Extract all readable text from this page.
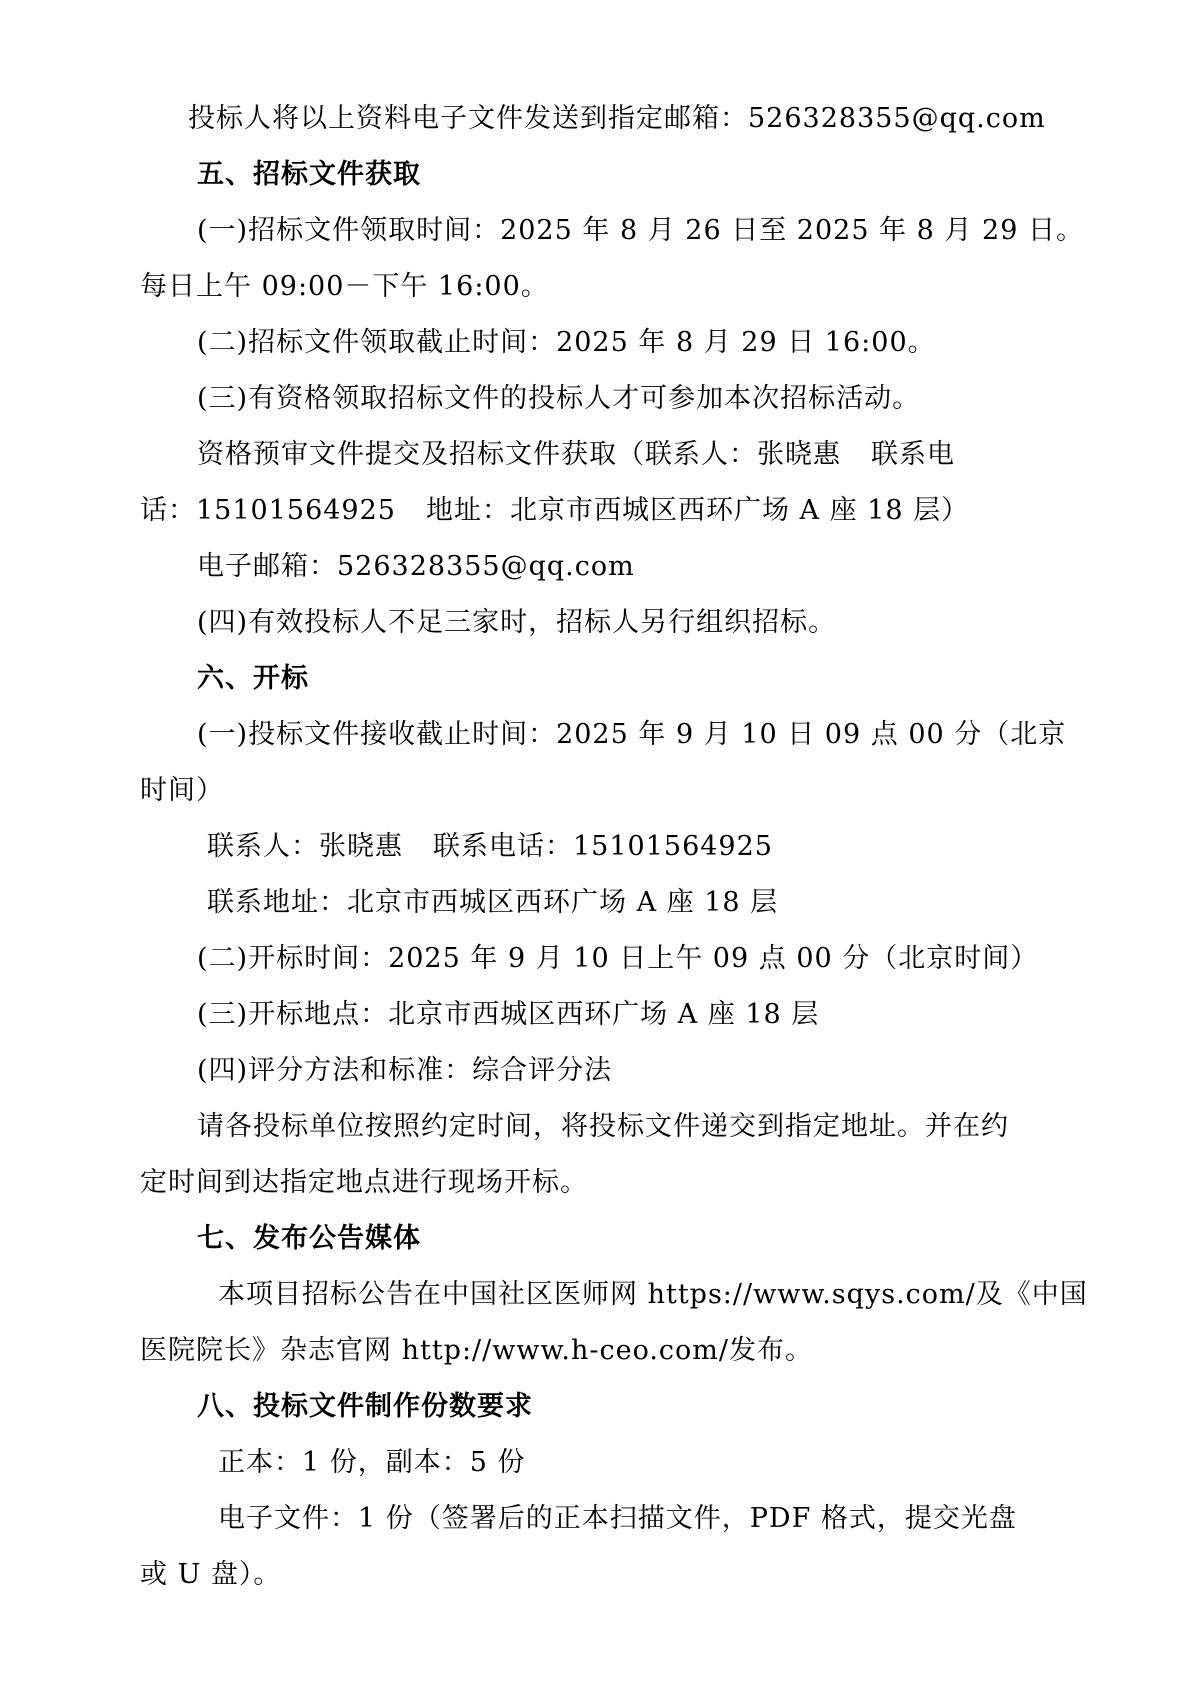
投标人将以上资料电子文件发送到指定邮箱：526328355@qq.com
五、招标文件获取
(一)招标文件领取时间：2025 年 8 月 26 日至 2025 年 8 月 29 日。
每日上午 09:00－下午 16:00。
(二)招标文件领取截止时间：2025 年 8 月 29 日 16:00。
(三)有资格领取招标文件的投标人才可参加本次招标活动。
资格预审文件提交及招标文件获取（联系人：张晓惠 联系电
话：15101564925 地址：北京市西城区西环广场 A 座 18 层）
电子邮箱：526328355@qq.com
(四)有效投标人不足三家时，招标人另行组织招标。
六、开标
(一)投标文件接收截止时间：2025 年 9 月 10 日 09 点 00 分（北京
时间）
联系人：张晓惠 联系电话：15101564925
联系地址：北京市西城区西环广场 A 座 18 层
(二)开标时间：2025 年 9 月 10 日上午 09 点 00 分（北京时间）
(三)开标地点：北京市西城区西环广场 A 座 18 层
(四)评分方法和标准：综合评分法
请各投标单位按照约定时间，将投标文件递交到指定地址。并在约
定时间到达指定地点进行现场开标。
七、发布公告媒体
本项目招标公告在中国社区医师网 https://www.sqys.com/及《中国
医院院长》杂志官网 http://www.h-ceo.com/发布。
八、投标文件制作份数要求
正本：1 份，副本：5 份
电子文件：1 份（签署后的正本扫描文件，PDF 格式，提交光盘
或 U 盘）。
